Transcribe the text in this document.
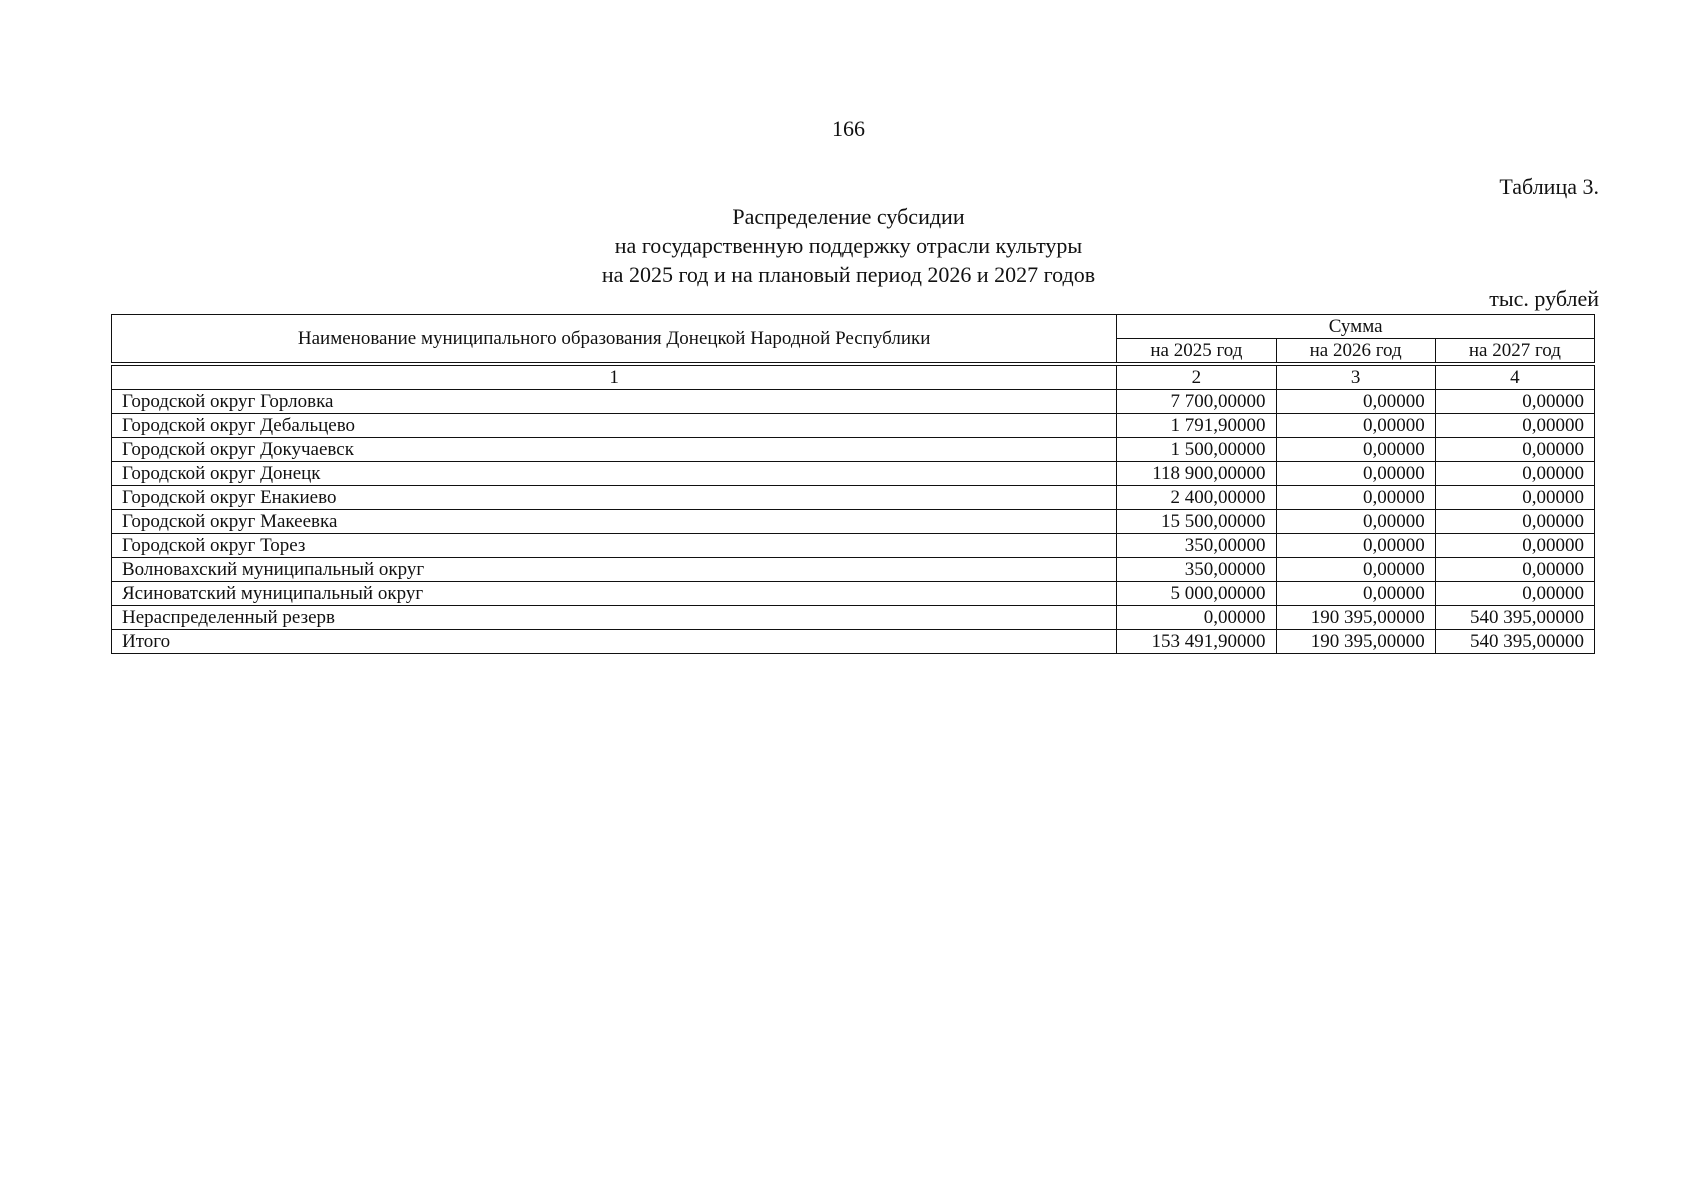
166
Таблица 3.
Распределение субсидии
на государственную поддержку отрасли культуры
на 2025 год и на плановый период 2026 и 2027 годов
тыс. рублей
Наименование муниципального образования Донецкой Народной Республики	Сумма		
	на 2025 год	на 2026 год	на 2027 год

1	2	3	4
Городской округ Горловка	7 700,00000	0,00000	0,00000
Городской округ Дебальцево	1 791,90000	0,00000	0,00000
Городской округ Докучаевск	1 500,00000	0,00000	0,00000
Городской округ Донецк	118 900,00000	0,00000	0,00000
Городской округ Енакиево	2 400,00000	0,00000	0,00000
Городской округ Макеевка	15 500,00000	0,00000	0,00000
Городской округ Торез	350,00000	0,00000	0,00000
Волновахский муниципальный округ	350,00000	0,00000	0,00000
Ясиноватский муниципальный округ	5 000,00000	0,00000	0,00000
Нераспределенный резерв	0,00000	190 395,00000	540 395,00000
Итого	153 491,90000	190 395,00000	540 395,00000
